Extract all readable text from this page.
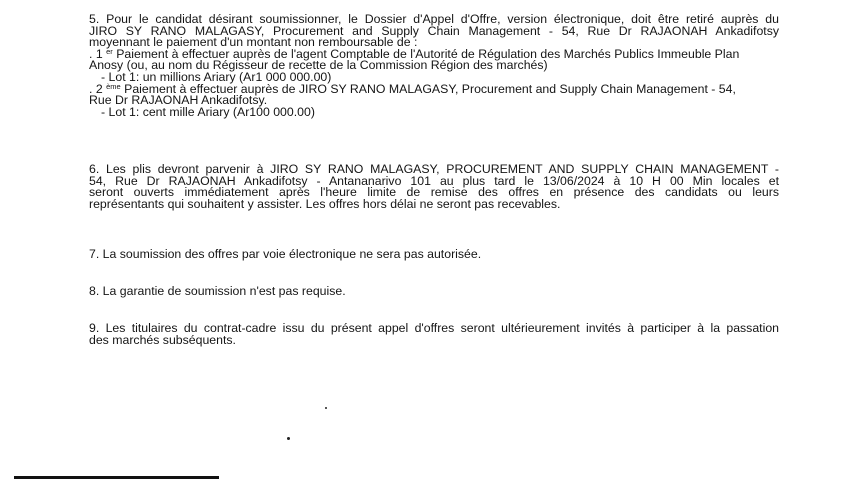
5. Pour le candidat désirant soumissionner, le Dossier d'Appel d'Offre, version électronique, doit être retiré auprès du
JIRO SY RANO MALAGASY, Procurement and Supply Chain Management - 54, Rue Dr RAJAONAH Ankadifotsy
moyennant le paiement d'un montant non remboursable de :
. 1 $^{er}$ Paiement à effectuer auprès de l'agent Comptable de l'Autorité de Régulation des Marchés Publics Immeuble Plan
Anosy (ou, au nom du Régisseur de recette de la Commission Région des marchés)
- Lot 1: un millions Ariary (Ar1 000 000.00)
. 2 $^{ème}$ Paiement à effectuer auprès de JIRO SY RANO MALAGASY, Procurement and Supply Chain Management - 54,
Rue Dr RAJAONAH Ankadifotsy.
- Lot 1: cent mille Ariary (Ar100 000.00)
6. Les plis devront parvenir à JIRO SY RANO MALAGASY, PROCUREMENT AND SUPPLY CHAIN MANAGEMENT -
54, Rue Dr RAJAONAH Ankadifotsy - Antananarivo 101 au plus tard le 13/06/2024 à 10 H 00 Min locales et
seront ouverts immédiatement après l'heure limite de remise des offres en présence des candidats ou leurs
représentants qui souhaitent y assister. Les offres hors délai ne seront pas recevables.
7. La soumission des offres par voie électronique ne sera pas autorisée.
8. La garantie de soumission n'est pas requise.
9. Les titulaires du contrat-cadre issu du présent appel d'offres seront ultérieurement invités à participer à la passation
des marchés subséquents.
